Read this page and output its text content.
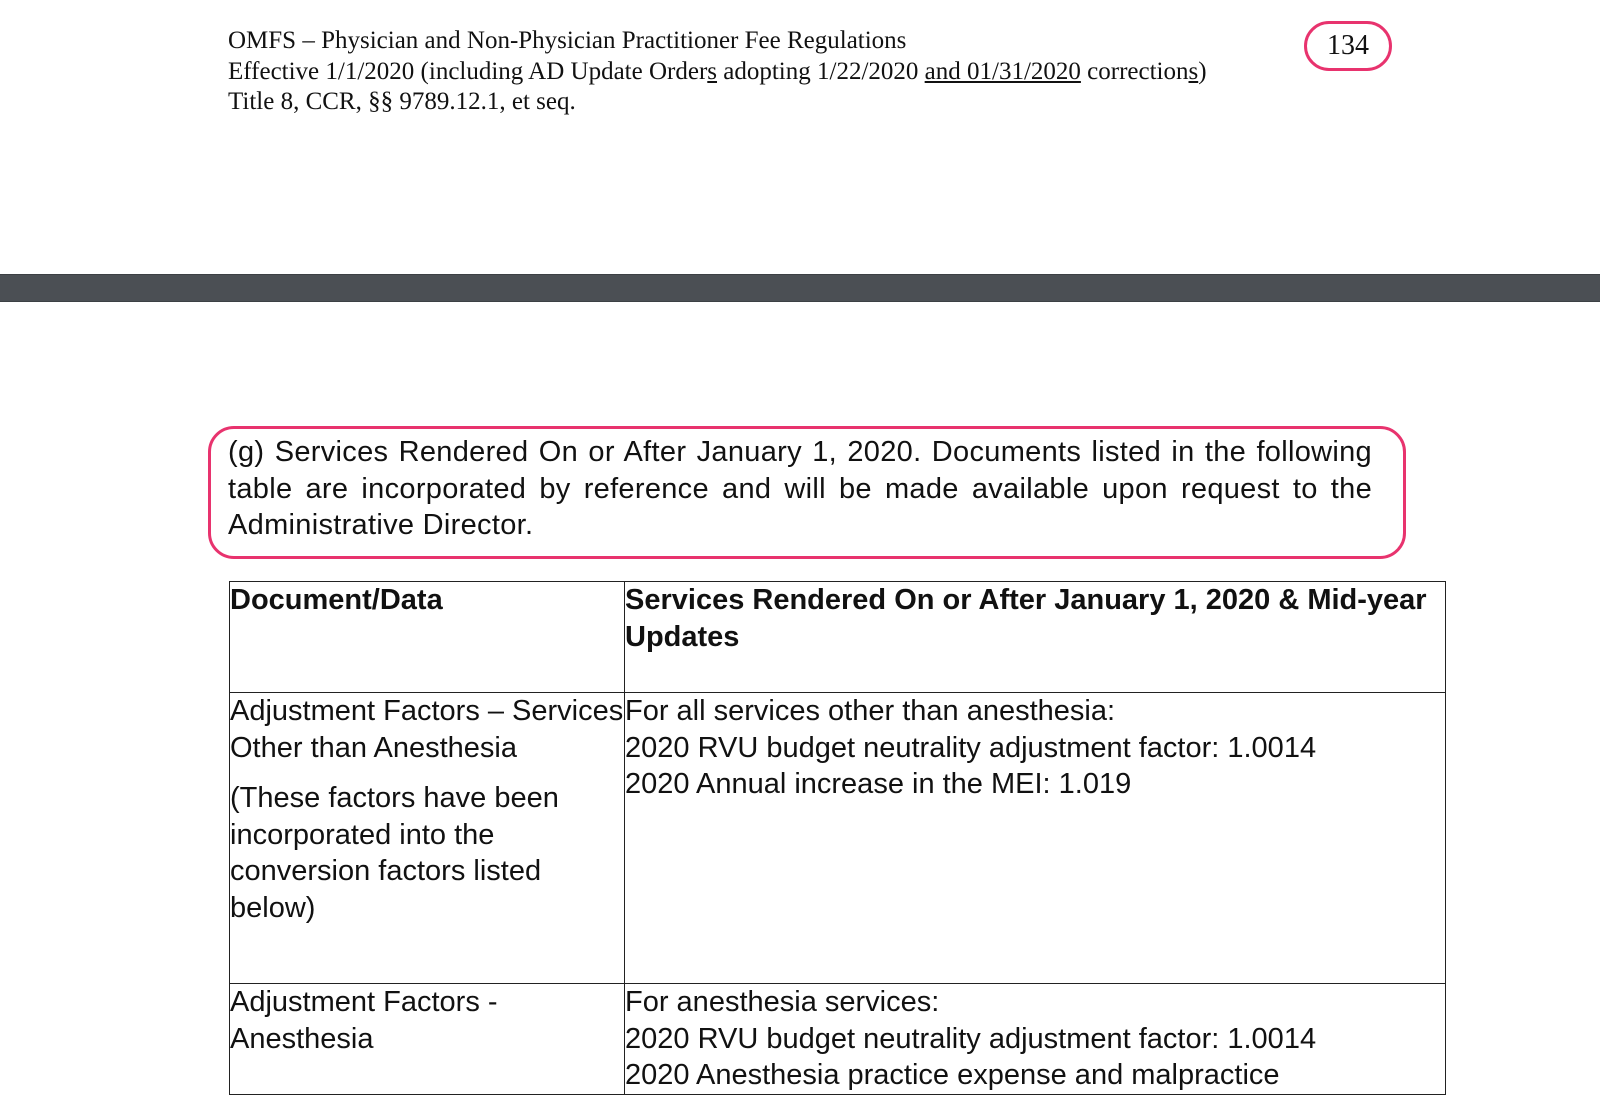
OMFS – Physician and Non-Physician Practitioner Fee Regulations
Effective 1/1/2020 (including AD Update Orders adopting 1/22/2020 and 01/31/2020 corrections)
Title 8, CCR, §§ 9789.12.1, et seq.
134
(g) Services Rendered On or After January 1, 2020. Documents listed in the following table are incorporated by reference and will be made available upon request to the Administrative Director.
Document/Data	Services Rendered On or After January 1, 2020 & Mid-year Updates

Adjustment Factors – Services Other than Anesthesia
(These factors have been incorporated into the conversion factors listed below)	For all services other than anesthesia:
2020 RVU budget neutrality adjustment factor: 1.0014
2020 Annual increase in the MEI: 1.019

Adjustment Factors - Anesthesia	For anesthesia services:
2020 RVU budget neutrality adjustment factor: 1.0014
2020 Anesthesia practice expense and malpractice
